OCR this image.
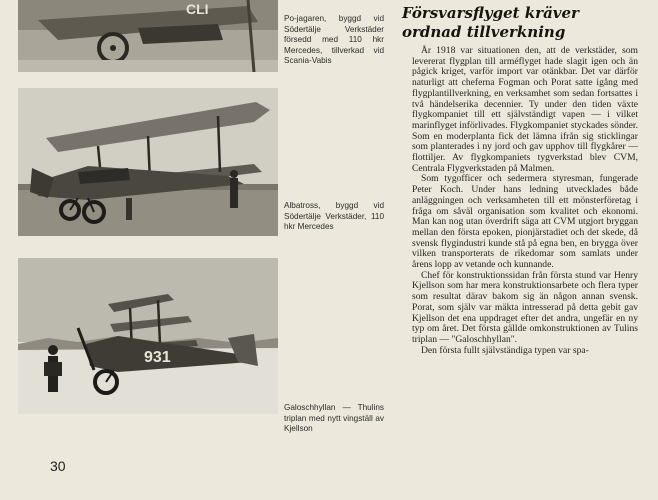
CLI
Po-jagaren, byggd vid Södertälje Verkstäder försedd med 110 hkr Mercedes, tillverkad vid Scania-Vabis
Albatross, byggd vid Södertälje Verkstäder, 110 hkr Mercedes
931
Galoschhyllan — Thulins triplan med nytt vingställ av Kjellson
Försvarsflyget kräver ordnad tillverkning

År 1918 var situationen den, att de verkstäder, som levererat flygplan till arméflyget hade slagit igen och än pågick kriget, varför import var otänkbar. Det var därför naturligt att cheferna Fogman och Porat satte igång med flygplantillverkning, en verksamhet som sedan fortsattes i två händelserika decennier. Ty under den tiden växte flygkompaniet till ett självständigt vapen — i vilket marinflyget införlivades. Flygkompaniet styckades sönder. Som en moderplanta fick det lämna ifrån sig sticklingar som planterades i ny jord och gav upphov till flygkårer — flottiljer. Av flygkompaniets tygverkstad blev CVM, Centrala Flygverkstaden på Malmen.

Som tygofficer och sedermera styresman, fungerade Peter Koch. Under hans ledning utvecklades både anläggningen och verksamheten till ett mönsterföretag i fråga om såväl organisation som kvalitet och ekonomi. Man kan nog utan överdrift säga att CVM utgjort bryggan mellan den första epoken, pionjärstadiet och det skede, då svensk flygindustri kunde stå på egna ben, en brygga över vilken transporterats de rikedomar som samlats under årens lopp av vetande och kunnande.

Chef för konstruktionssidan från första stund var Henry Kjellson som har mera konstruktionsarbete och flera typer som resultat därav bakom sig än någon annan svensk. Porat, som själv var mäkta intresserad på detta gebit gav Kjellson det ena uppdraget efter det andra, ungefär en ny typ om året. Det första gällde omkonstruktionen av Tulins triplan — "Galoschhyllan".

Den första fullt självständiga typen var spa-

30
